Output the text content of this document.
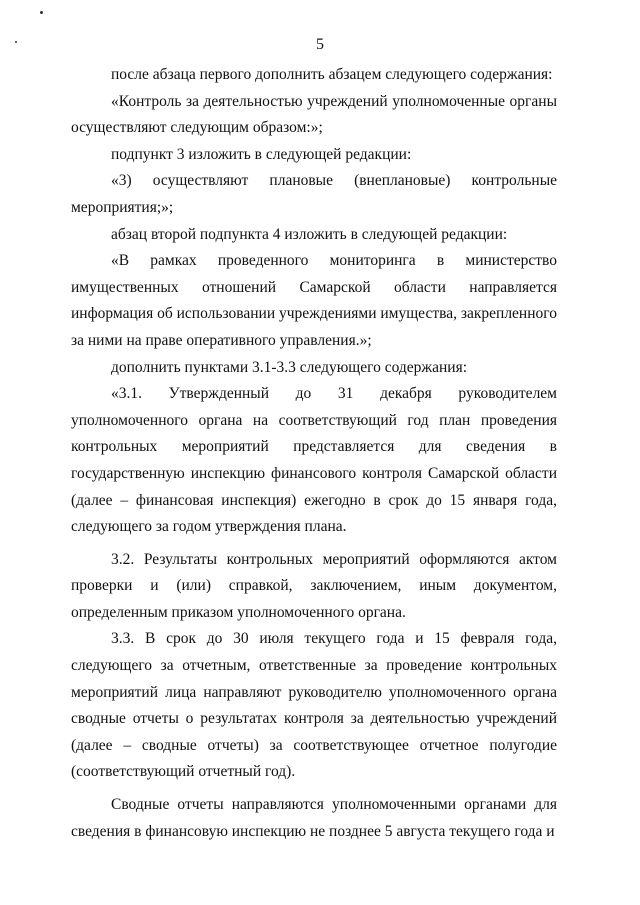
5

после абзаца первого дополнить абзацем следующего содержания:

«Контроль за деятельностью учреждений уполномоченные органы осуществляют следующим образом:»;

подпункт 3 изложить в следующей редакции:

«3) осуществляют плановые (внеплановые) контрольные мероприятия;»;

абзац второй подпункта 4 изложить в следующей редакции:

«В рамках проведенного мониторинга в министерство имущественных отношений Самарской области направляется информация об использовании учреждениями имущества, закрепленного за ними на праве оперативного управления.»;

дополнить пунктами 3.1-3.3 следующего содержания:

«3.1. Утвержденный до 31 декабря руководителем уполномоченного органа на соответствующий год план проведения контрольных мероприятий представляется для сведения в государственную инспекцию финансового контроля Самарской области (далее – финансовая инспекция) ежегодно в срок до 15 января года, следующего за годом утверждения плана.

3.2. Результаты контрольных мероприятий оформляются актом проверки и (или) справкой, заключением, иным документом, определенным приказом уполномоченного органа.

3.3. В срок до 30 июля текущего года и 15 февраля года, следующего за отчетным, ответственные за проведение контрольных мероприятий лица направляют руководителю уполномоченного органа сводные отчеты о результатах контроля за деятельностью учреждений (далее – сводные отчеты) за соответствующее отчетное полугодие (соответствующий отчетный год).

Сводные отчеты направляются уполномоченными органами для сведения в финансовую инспекцию не позднее 5 августа текущего года и
